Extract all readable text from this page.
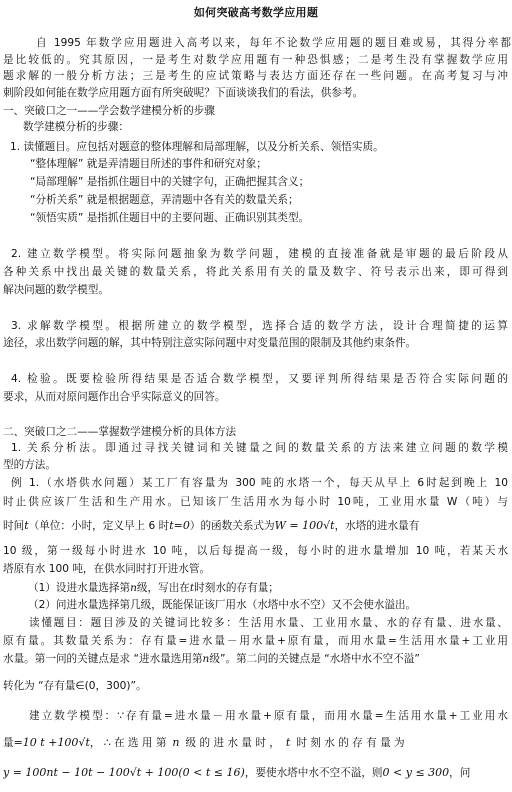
如何突破高考数学应用题
自 1995 年数学应用题进入高考以来，每年不论数学应用题的题目难或易，其得分率都
是比较低的。究其原因，一是考生对数学应用题有一种恐惧感；二是考生没有掌握数学应用
题求解的一般分析方法；三是考生的应试策略与表达方面还存在一些问题。在高考复习与冲
刺阶段如何能在数学应用题方面有所突破呢？下面谈谈我们的看法，供参考。
一、突破口之一——学会数学建模分析的步骤
数学建模分析的步骤：
1. 读懂题目。应包括对题意的整体理解和局部理解，以及分析关系、领悟实质。
“整体理解” 就是弄清题目所述的事件和研究对象；
“局部理解” 是指抓住题目中的关键字句，正确把握其含义；
“分析关系” 就是根据题意，弄清题中各有关的数量关系；
“领悟实质” 是指抓住题目中的主要问题、正确识别其类型。
2. 建立数学模型。将实际问题抽象为数学问题，建模的直接准备就是审题的最后阶段从
各种关系中找出最关键的数量关系，将此关系用有关的量及数字、符号表示出来，即可得到
解决问题的数学模型。
3. 求解数学模型。根据所建立的数学模型，选择合适的数学方法，设计合理简捷的运算
途径，求出数学问题的解，其中特别注意实际问题中对变量范围的限制及其他约束条件。
4. 检验。既要检验所得结果是否适合数学模型，又要评判所得结果是否符合实际问题的
要求，从而对原问题作出合乎实际意义的回答。
二、突破口之二——掌握数学建模分析的具体方法
1. 关系分析法。即通过寻找关键词和关键量之间的数量关系的方法来建立问题的数学模
型的方法。
例 1.（水塔供水问题）某工厂有容量为 300 吨的水塔一个，每天从早上 6时起到晚上 10
时止供应该厂生活和生产用水。已知该厂生活用水为每小时 10吨，工业用水量 W（吨）与
时间t（单位：小时，定义早上 6 时t=0）的函数关系式为W = 100√t，水塔的进水量有
10 级，第一级每小时进水 10 吨，以后每提高一级，每小时的进水量增加 10 吨，若某天水
塔原有水 100 吨，在供水同时打开进水管。
（1）设进水量选择第n级，写出在t时刻水的存有量；
（2）问进水量选择第几级，既能保证该厂用水（水塔中水不空）又不会使水溢出。
读懂题目：题目涉及的关键词比较多：生活用水量、工业用水量、水的存有量、进水量、
原有量。其数量关系为：存有量=进水量－用水量+原有量，而用水量=生活用水量+工业用
水量。第一问的关键点是求 “进水量选用第n级”。第二问的关键点是 “水塔中水不空不溢”
转化为 “存有量∈(0，300)”。
建立数学模型：∵存有量=进水量－用水量+原有量，而用水量=生活用水量+工业用水
量=10 t +100√t， ∴ 在 选 用 第 n 级 的 进 水 量 时 ， t 时 刻 水 的 存 有 量 为
y = 100nt − 10t − 100√t + 100(0 < t ≤ 16)，要使水塔中水不空不溢，则0 < y ≤ 300，问
